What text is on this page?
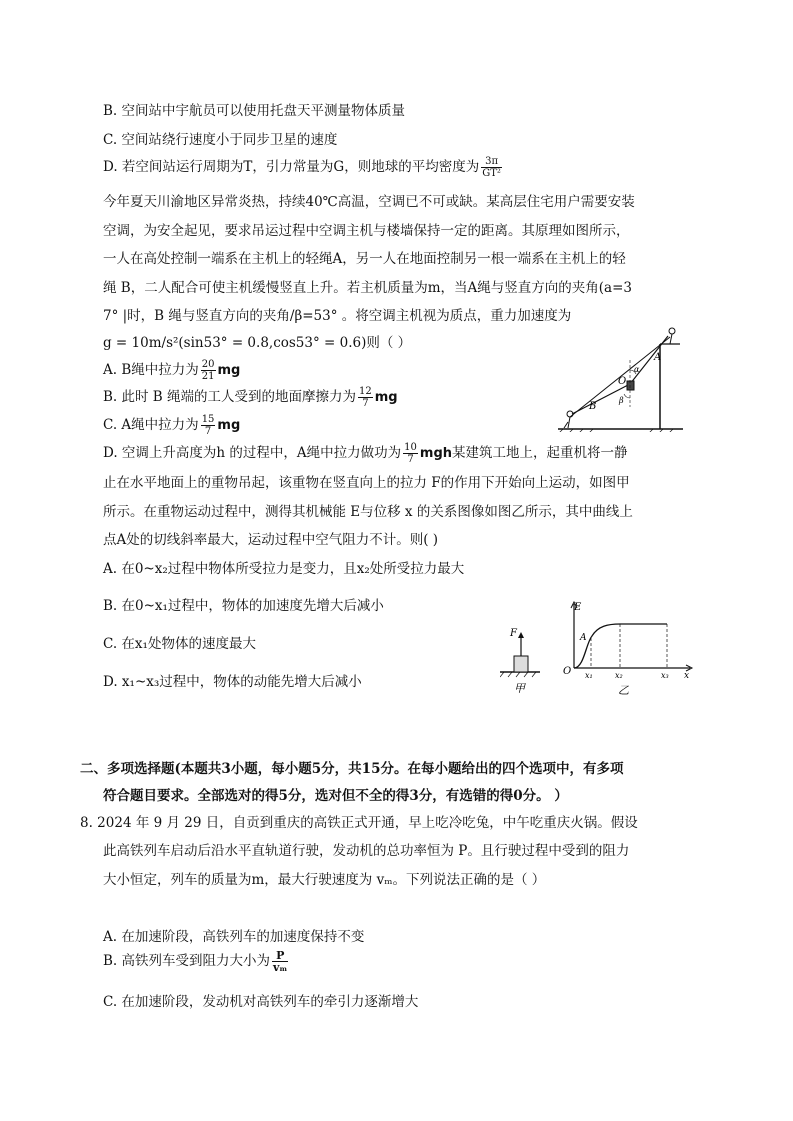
B. 空间站中宇航员可以使用托盘天平测量物体质量
C. 空间站绕行速度小于同步卫星的速度
D. 若空间站运行周期为T，引力常量为G，则地球的平均密度为 $\frac{3\pi}{\text{GT²}}$
今年夏天川渝地区异常炎热，持续40℃高温，空调已不可或缺。某高层住宅用户需要安装
空调，为安全起见，要求吊运过程中空调主机与楼墙保持一定的距离。其原理如图所示，
一人在高处控制一端系在主机上的轻绳A，另一人在地面控制另一根一端系在主机上的轻
绳 B，二人配合可使主机缓慢竖直上升。若主机质量为m，当A绳与竖直方向的夹角(a=3
7° |时，B 绳与竖直方向的夹角/β=53° 。将空调主机视为质点，重力加速度为
g = 10m/s²(sin53° = 0.8,cos53° = 0.6)则（ ）
A. B绳中拉力为 $\frac{20}{21}$ mg
B. 此时 B 绳端的工人受到的地面摩擦力为 $\frac{12}{7}$ mg
C. A绳中拉力为 $\frac{15}{7}$ mg
D. 空调上升高度为h 的过程中，A绳中拉力做功为 $\frac{10}{7}$ mgh某建筑工地上，起重机将一静
A
B
O
α
β
止在水平地面上的重物吊起，该重物在竖直向上的拉力 F的作用下开始向上运动，如图甲
所示。在重物运动过程中，测得其机械能 E与位移 x 的关系图像如图乙所示，其中曲线上
点A处的切线斜率最大，运动过程中空气阻力不计。则( )
A. 在0~x₂过程中物体所受拉力是变力，且x₂处所受拉力最大
B. 在0~x₁过程中，物体的加速度先增大后减小
C. 在x₁处物体的速度最大
D. x₁~x₃过程中，物体的动能先增大后减小
F
甲
E
A
O x₁	x₂	x₃ x
乙
二、多项选择题(本题共3小题，每小题5分，共15分。在每小题给出的四个选项中，有多项
符合题目要求。全部选对的得5分，选对但不全的得3分，有选错的得0分。 ）
8. 2024 年 9 月 29 日，自贡到重庆的高铁正式开通，早上吃冷吃兔，中午吃重庆火锅。假设
此高铁列车启动后沿水平直轨道行驶，发动机的总功率恒为 P。且行驶过程中受到的阻力
大小恒定，列车的质量为m，最大行驶速度为 vₘ。下列说法正确的是（ ）
A. 在加速阶段，高铁列车的加速度保持不变
B. 高铁列车受到阻力大小为 $\frac{P}{\text{vₘ}}$
C. 在加速阶段，发动机对高铁列车的牵引力逐渐增大
